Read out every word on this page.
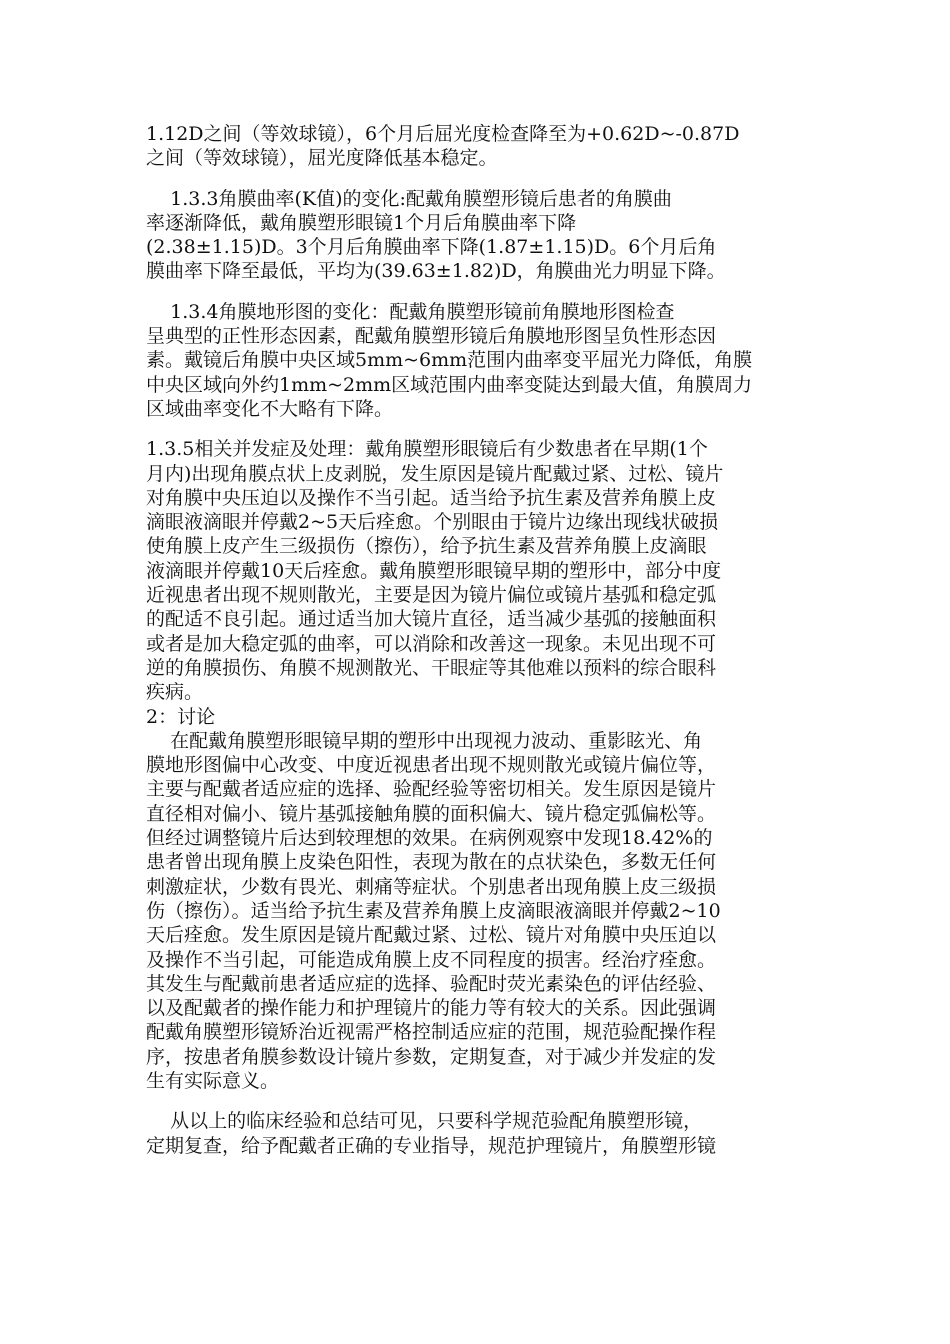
1.12D之间（等效球镜），6个月后屈光度检查降至为+0.62D~-0.87D
之间（等效球镜），屈光度降低基本稳定。
1.3.3角膜曲率(K值)的变化:配戴角膜塑形镜后患者的角膜曲
率逐渐降低，戴角膜塑形眼镜1个月后角膜曲率下降
(2.38±1.15)D。3个月后角膜曲率下降(1.87±1.15)D。6个月后角
膜曲率下降至最低，平均为(39.63±1.82)D，角膜曲光力明显下降。
1.3.4角膜地形图的变化：配戴角膜塑形镜前角膜地形图检查
呈典型的正性形态因素，配戴角膜塑形镜后角膜地形图呈负性形态因
素。戴镜后角膜中央区域5mm~6mm范围内曲率变平屈光力降低，角膜
中央区域向外约1mm~2mm区域范围内曲率变陡达到最大值，角膜周力
区域曲率变化不大略有下降。
1.3.5相关并发症及处理：戴角膜塑形眼镜后有少数患者在早期(1个
月内)出现角膜点状上皮剥脱，发生原因是镜片配戴过紧、过松、镜片
对角膜中央压迫以及操作不当引起。适当给予抗生素及营养角膜上皮
滴眼液滴眼并停戴2~5天后痊愈。个别眼由于镜片边缘出现线状破损
使角膜上皮产生三级损伤（擦伤），给予抗生素及营养角膜上皮滴眼
液滴眼并停戴10天后痊愈。戴角膜塑形眼镜早期的塑形中，部分中度
近视患者出现不规则散光，主要是因为镜片偏位或镜片基弧和稳定弧
的配适不良引起。通过适当加大镜片直径，适当减少基弧的接触面积
或者是加大稳定弧的曲率，可以消除和改善这一现象。未见出现不可
逆的角膜损伤、角膜不规测散光、干眼症等其他难以预料的综合眼科
疾病。
2：讨论
在配戴角膜塑形眼镜早期的塑形中出现视力波动、重影眩光、角
膜地形图偏中心改变、中度近视患者出现不规则散光或镜片偏位等，
主要与配戴者适应症的选择、验配经验等密切相关。发生原因是镜片
直径相对偏小、镜片基弧接触角膜的面积偏大、镜片稳定弧偏松等。
但经过调整镜片后达到较理想的效果。在病例观察中发现18.42%的
患者曾出现角膜上皮染色阳性，表现为散在的点状染色，多数无任何
刺激症状，少数有畏光、刺痛等症状。个别患者出现角膜上皮三级损
伤（擦伤）。适当给予抗生素及营养角膜上皮滴眼液滴眼并停戴2~10
天后痊愈。发生原因是镜片配戴过紧、过松、镜片对角膜中央压迫以
及操作不当引起，可能造成角膜上皮不同程度的损害。经治疗痊愈。
其发生与配戴前患者适应症的选择、验配时荧光素染色的评估经验、
以及配戴者的操作能力和护理镜片的能力等有较大的关系。因此强调
配戴角膜塑形镜矫治近视需严格控制适应症的范围，规范验配操作程
序，按患者角膜参数设计镜片参数，定期复查，对于减少并发症的发
生有实际意义。
从以上的临床经验和总结可见，只要科学规范验配角膜塑形镜，
定期复查，给予配戴者正确的专业指导，规范护理镜片，角膜塑形镜
